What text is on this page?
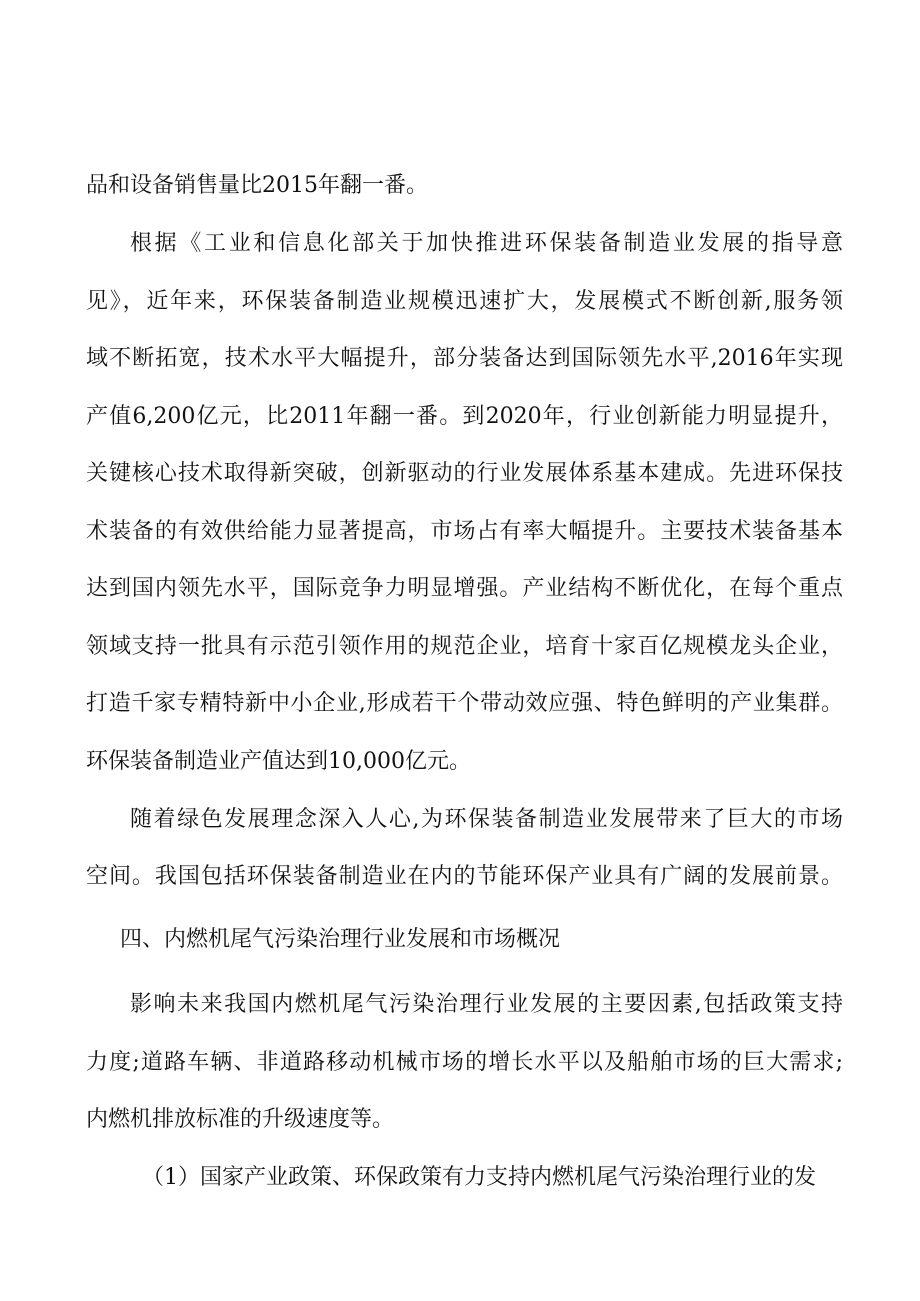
品和设备销售量比2015年翻一番。
根据《工业和信息化部关于加快推进环保装备制造业发展的指导意
见》，近年来，环保装备制造业规模迅速扩大，发展模式不断创新,服务领
域不断拓宽，技术水平大幅提升，部分装备达到国际领先水平,2016年实现
产值6,200亿元，比2011年翻一番。到2020年，行业创新能力明显提升，
关键核心技术取得新突破，创新驱动的行业发展体系基本建成。先进环保技
术装备的有效供给能力显著提高，市场占有率大幅提升。主要技术装备基本
达到国内领先水平，国际竞争力明显增强。产业结构不断优化，在每个重点
领域支持一批具有示范引领作用的规范企业，培育十家百亿规模龙头企业，
打造千家专精特新中小企业,形成若干个带动效应强、特色鲜明的产业集群。
环保装备制造业产值达到10,000亿元。
随着绿色发展理念深入人心,为环保装备制造业发展带来了巨大的市场
空间。我国包括环保装备制造业在内的节能环保产业具有广阔的发展前景。
四、内燃机尾气污染治理行业发展和市场概况
影响未来我国内燃机尾气污染治理行业发展的主要因素,包括政策支持
力度;道路车辆、非道路移动机械市场的增长水平以及船舶市场的巨大需求;
内燃机排放标准的升级速度等。
（1）国家产业政策、环保政策有力支持内燃机尾气污染治理行业的发
